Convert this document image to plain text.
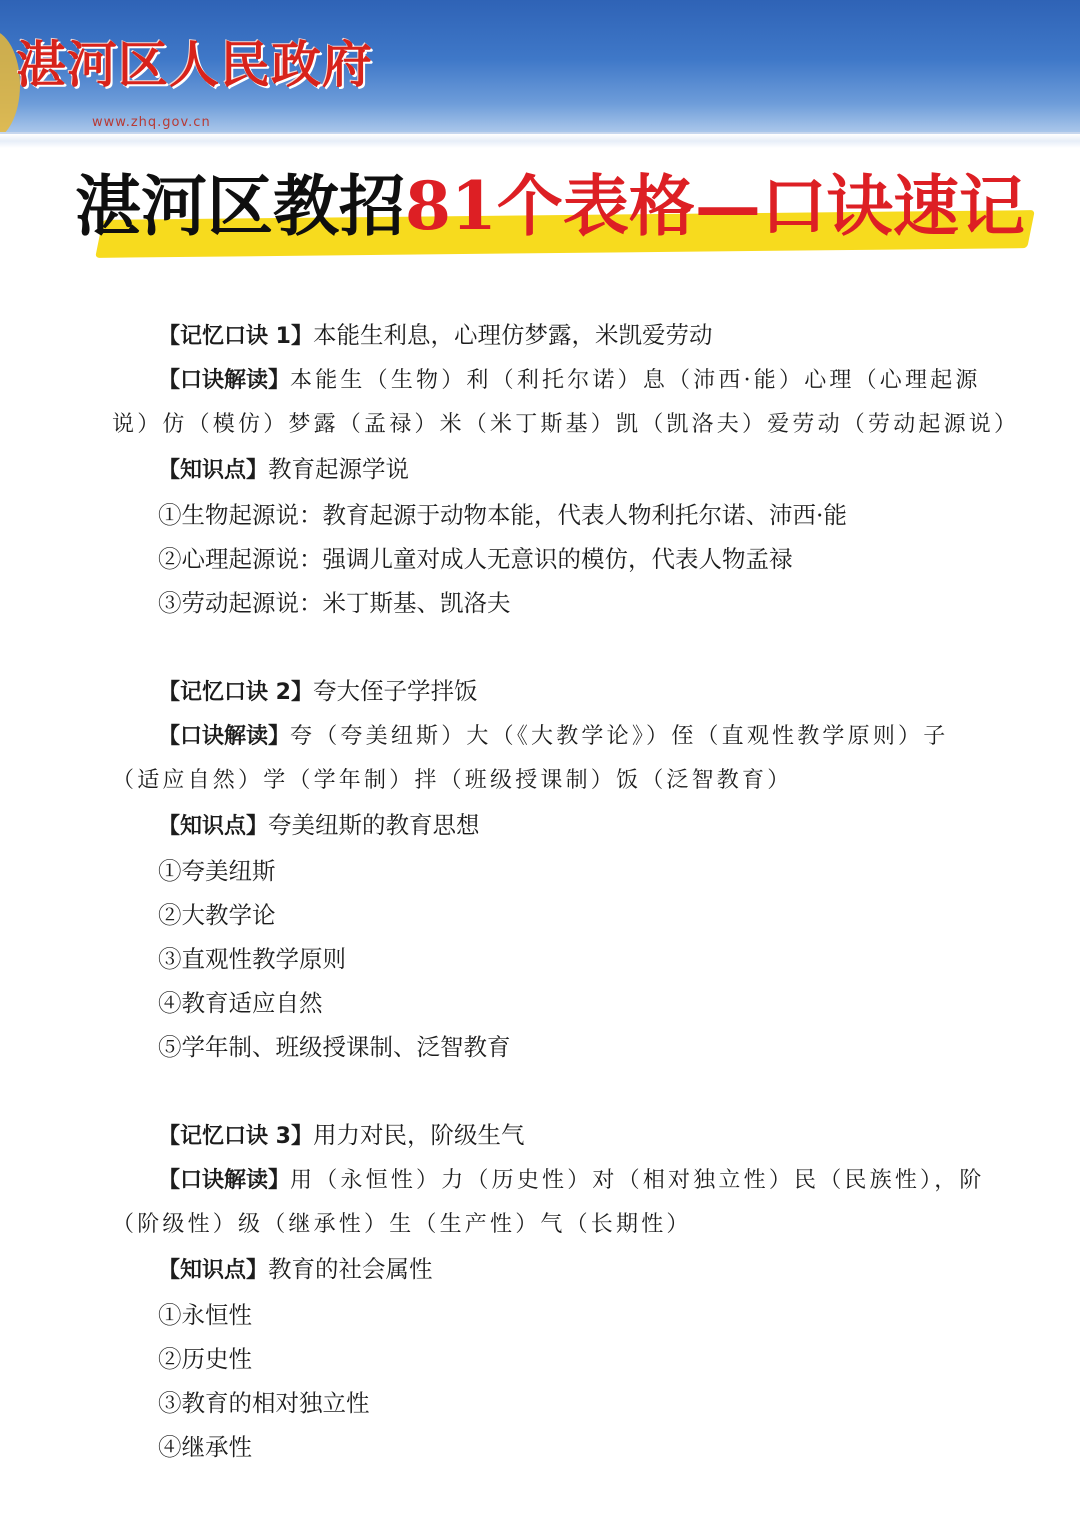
湛河区人民政府
www.zhq.gov.cn
湛河区教招81个表格—口诀速记
【记忆口诀 1】本能生利息，心理仿梦露，米凯爱劳动
【口诀解读】本能生（生物）利（利托尔诺）息（沛西·能）心理（心理起源
说）仿（模仿）梦露（孟禄）米（米丁斯基）凯（凯洛夫）爱劳动（劳动起源说）
【知识点】教育起源学说
①生物起源说：教育起源于动物本能，代表人物利托尔诺、沛西·能
②心理起源说：强调儿童对成人无意识的模仿，代表人物孟禄
③劳动起源说：米丁斯基、凯洛夫
【记忆口诀 2】夸大侄子学拌饭
【口诀解读】夸（夸美纽斯）大（《大教学论》）侄（直观性教学原则）子
（适应自然）学（学年制）拌（班级授课制）饭（泛智教育）
【知识点】夸美纽斯的教育思想
①夸美纽斯
②大教学论
③直观性教学原则
④教育适应自然
⑤学年制、班级授课制、泛智教育
【记忆口诀 3】用力对民，阶级生气
【口诀解读】用（永恒性）力（历史性）对（相对独立性）民（民族性），阶
（阶级性）级（继承性）生（生产性）气（长期性）
【知识点】教育的社会属性
①永恒性
②历史性
③教育的相对独立性
④继承性
